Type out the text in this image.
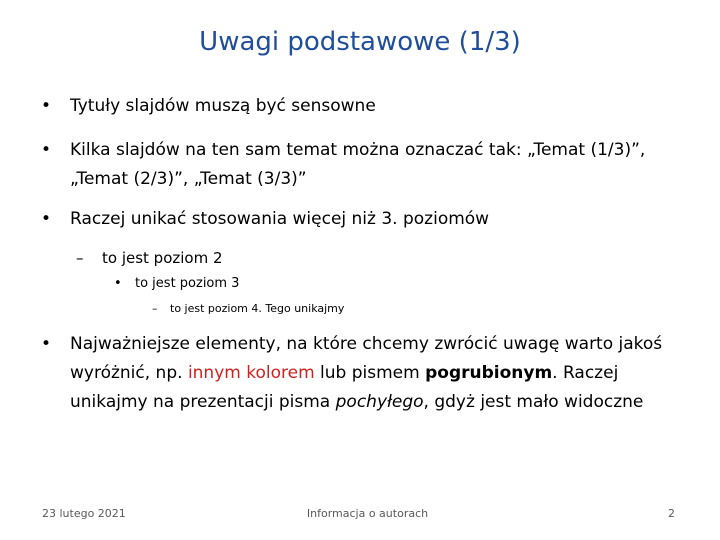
Uwagi podstawowe (1/3)
• Tytuły slajdów muszą być sensowne
• Kilka slajdów na ten sam temat można oznaczać tak: „Temat (1/3)”, „Temat (2/3)”, „Temat (3/3)”
• Raczej unikać stosowania więcej niż 3. poziomów
– to jest poziom 2
• to jest poziom 3
– to jest poziom 4. Tego unikajmy
• Najważniejsze elementy, na które chcemy zwrócić uwagę warto jakoś wyróżnić, np. innym kolorem lub pismem pogrubionym. Raczej unikajmy na prezentacji pisma pochyłego, gdyż jest mało widoczne
23 lutego 2021	Informacja o autorach	2
